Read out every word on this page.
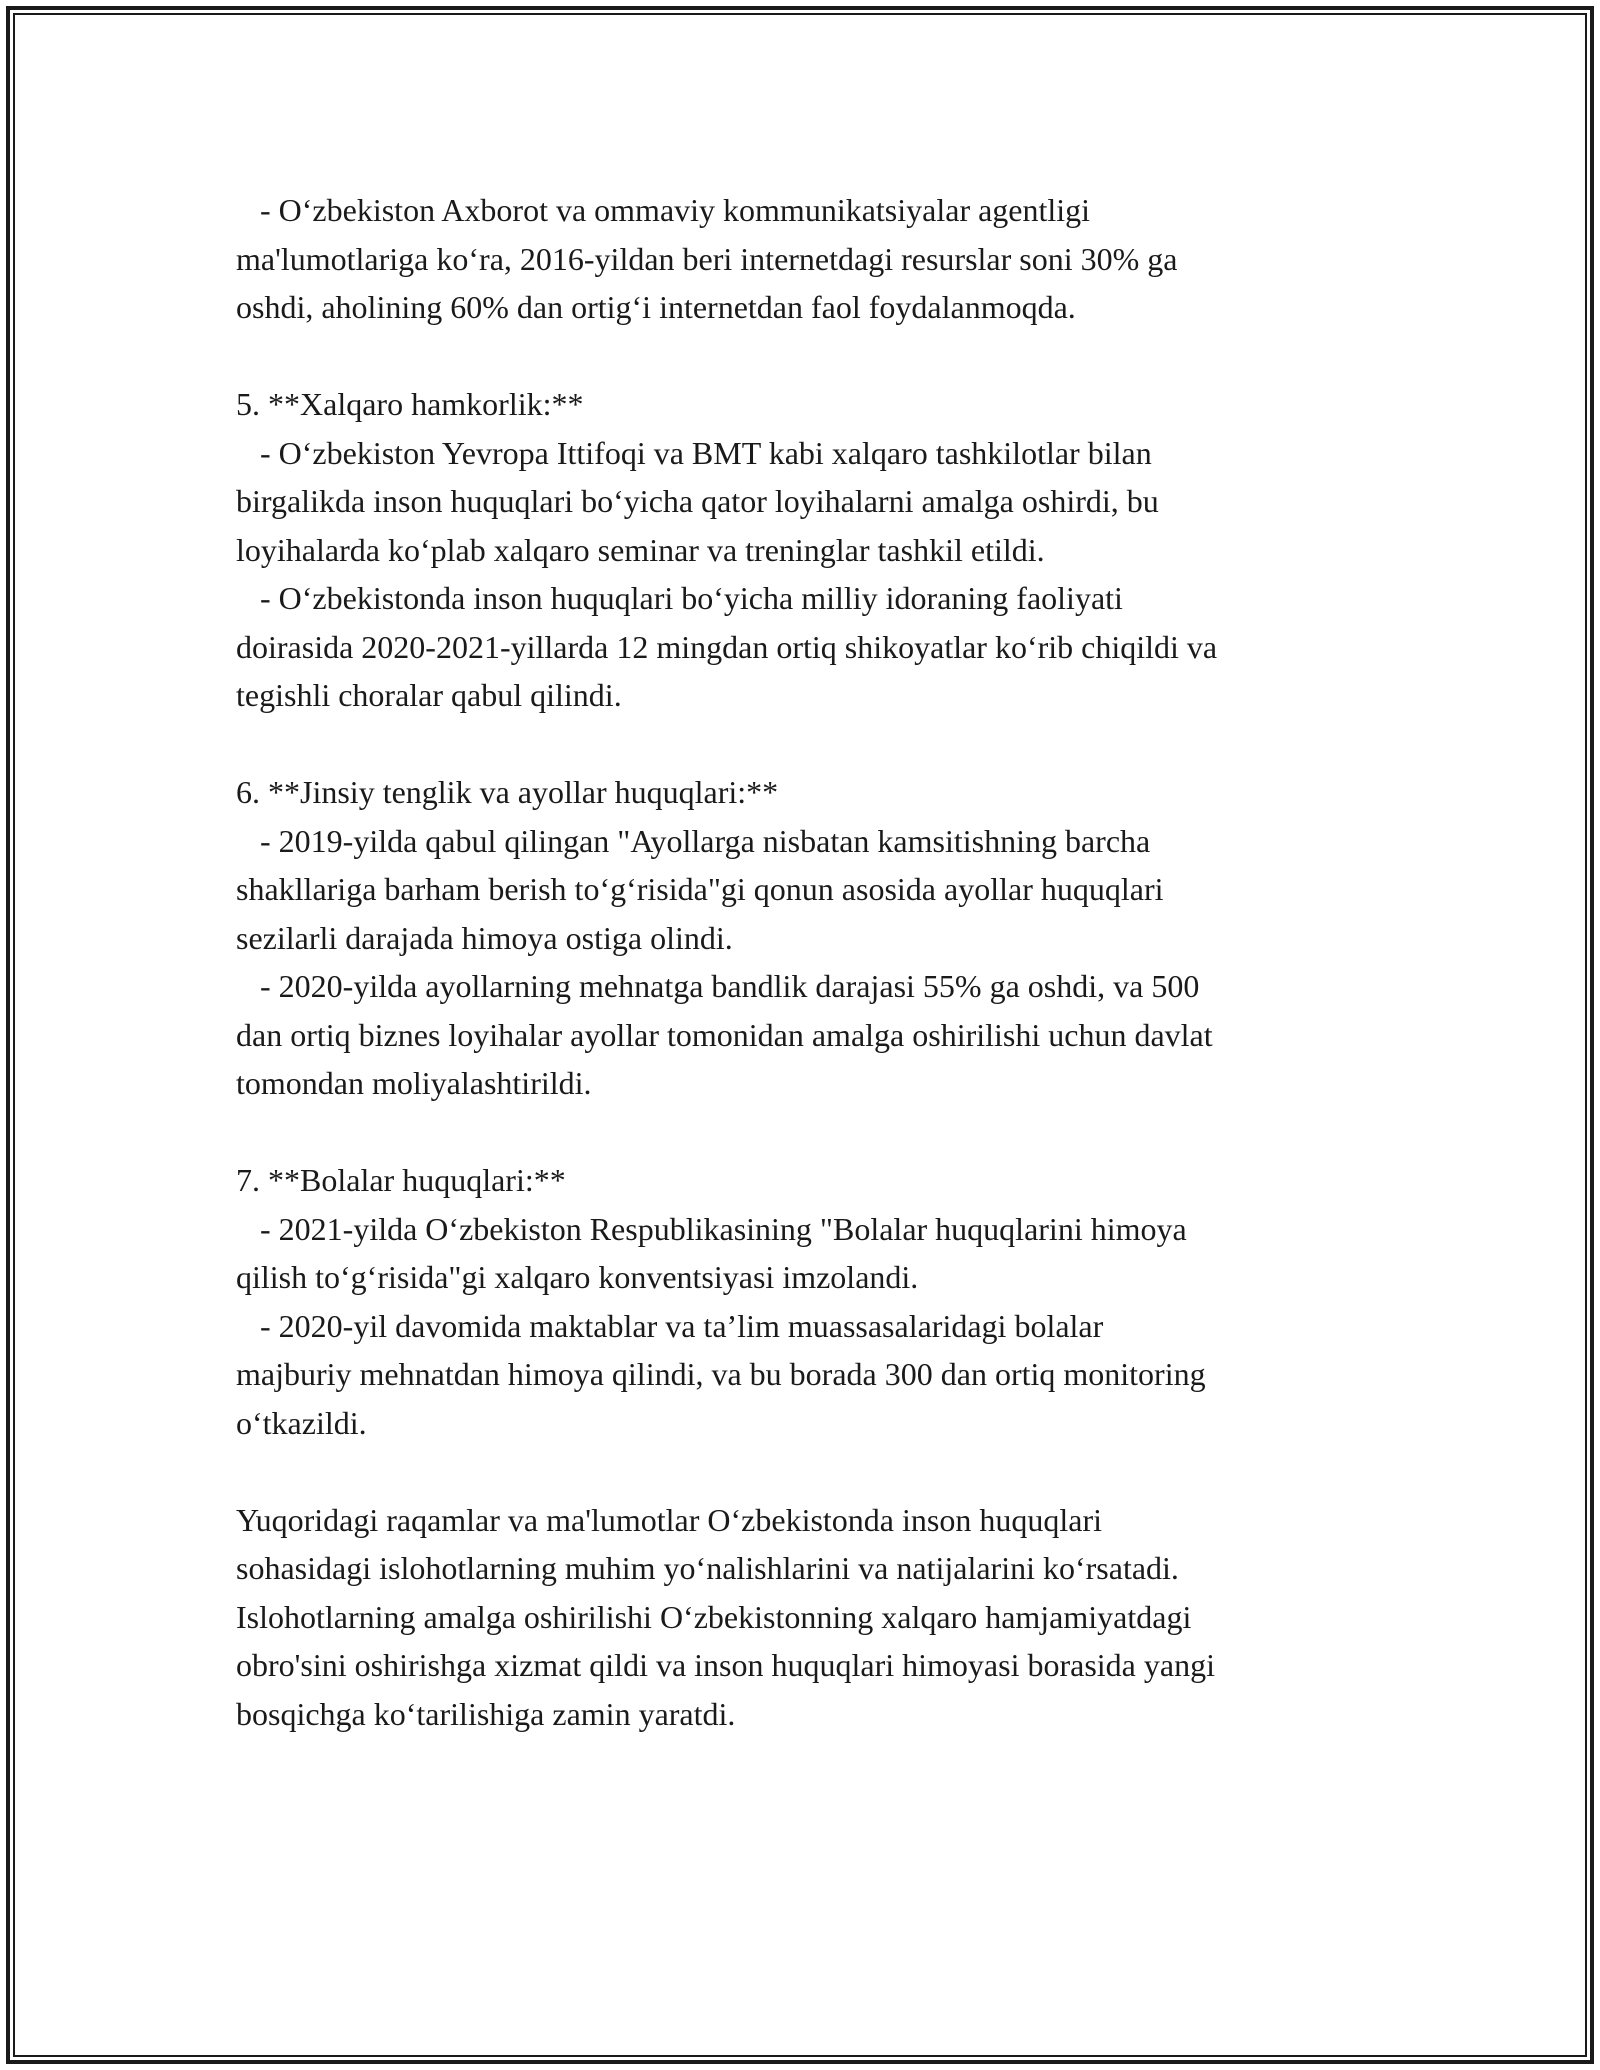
- O‘zbekiston Axborot va ommaviy kommunikatsiyalar agentligi
ma'lumotlariga ko‘ra, 2016-yildan beri internetdagi resurslar soni 30% ga
oshdi, aholining 60% dan ortig‘i internetdan faol foydalanmoqda.
5. **Xalqaro hamkorlik:**
- O‘zbekiston Yevropa Ittifoqi va BMT kabi xalqaro tashkilotlar bilan
birgalikda inson huquqlari bo‘yicha qator loyihalarni amalga oshirdi, bu
loyihalarda ko‘plab xalqaro seminar va treninglar tashkil etildi.
- O‘zbekistonda inson huquqlari bo‘yicha milliy idoraning faoliyati
doirasida 2020-2021-yillarda 12 mingdan ortiq shikoyatlar ko‘rib chiqildi va
tegishli choralar qabul qilindi.
6. **Jinsiy tenglik va ayollar huquqlari:**
- 2019-yilda qabul qilingan "Ayollarga nisbatan kamsitishning barcha
shakllariga barham berish to‘g‘risida"gi qonun asosida ayollar huquqlari
sezilarli darajada himoya ostiga olindi.
- 2020-yilda ayollarning mehnatga bandlik darajasi 55% ga oshdi, va 500
dan ortiq biznes loyihalar ayollar tomonidan amalga oshirilishi uchun davlat
tomondan moliyalashtirildi.
7. **Bolalar huquqlari:**
- 2021-yilda O‘zbekiston Respublikasining "Bolalar huquqlarini himoya
qilish to‘g‘risida"gi xalqaro konventsiyasi imzolandi.
- 2020-yil davomida maktablar va ta’lim muassasalaridagi bolalar
majburiy mehnatdan himoya qilindi, va bu borada 300 dan ortiq monitoring
o‘tkazildi.
Yuqoridagi raqamlar va ma'lumotlar O‘zbekistonda inson huquqlari
sohasidagi islohotlarning muhim yo‘nalishlarini va natijalarini ko‘rsatadi.
Islohotlarning amalga oshirilishi O‘zbekistonning xalqaro hamjamiyatdagi
obro'sini oshirishga xizmat qildi va inson huquqlari himoyasi borasida yangi
bosqichga ko‘tarilishiga zamin yaratdi.
